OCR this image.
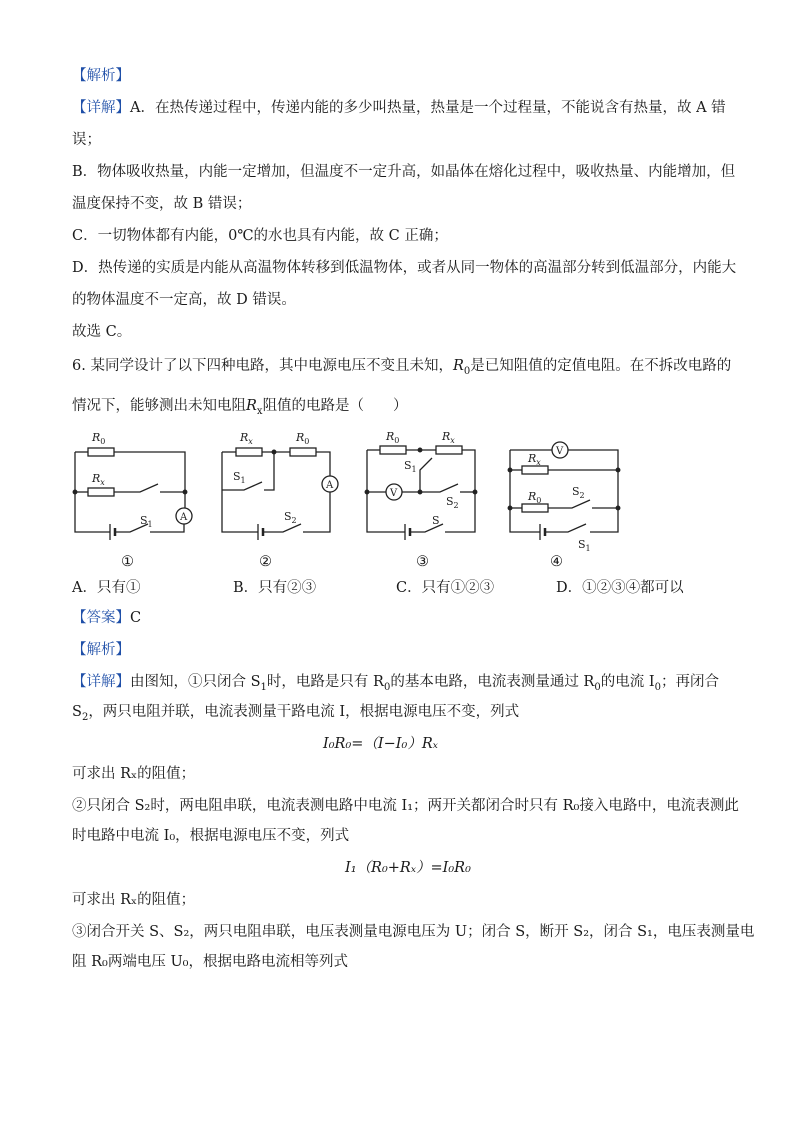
【解析】
【详解】A．在热传递过程中，传递内能的多少叫热量，热量是一个过程量，不能说含有热量，故 A 错
误；
B．物体吸收热量，内能一定增加，但温度不一定升高，如晶体在熔化过程中，吸收热量、内能增加，但
温度保持不变，故 B 错误；
C．一切物体都有内能，0℃的水也具有内能，故 C 正确；
D．热传递的实质是内能从高温物体转移到低温物体，或者从同一物体的高温部分转到低温部分，内能大
的物体温度不一定高，故 D 错误。
故选 C。
6. 某同学设计了以下四种电路，其中电源电压不变且未知，$R_0$是已知阻值的定值电阻。在不拆改电路的
情况下，能够测出未知电阻$R_x$阻值的电路是（　　）
$R_0$
$R_x$
$S_1$
A
$R_x$	$R_0$
$S_1$
$S_2$
A
$R_0$	$R_x$
$S_1$
$S_2$
S
V
V
$R_x$
$R_0$
$S_2$
$S_1$
①	②	③	④
A．只有①	B．只有②③	C．只有①②③	D．①②③④都可以
【答案】C
【解析】
【详解】由图知，①只闭合 $S_1$时，电路是只有 $R_0$的基本电路，电流表测量通过 $R_0$的电流 $I_0$；再闭合
$S_2$，两只电阻并联，电流表测量干路电流 I，根据电源电压不变，列式
I₀R₀=（I−I₀）Rₓ
可求出 Rₓ的阻值；
②只闭合 S₂时，两电阻串联，电流表测电路中电流 I₁；两开关都闭合时只有 R₀接入电路中，电流表测此
时电路中电流 I₀，根据电源电压不变，列式
I₁（R₀+Rₓ）=I₀R₀
可求出 Rₓ的阻值；
③闭合开关 S、S₂，两只电阻串联，电压表测量电源电压为 U；闭合 S，断开 S₂，闭合 S₁，电压表测量电
阻 R₀两端电压 U₀，根据电路电流相等列式
